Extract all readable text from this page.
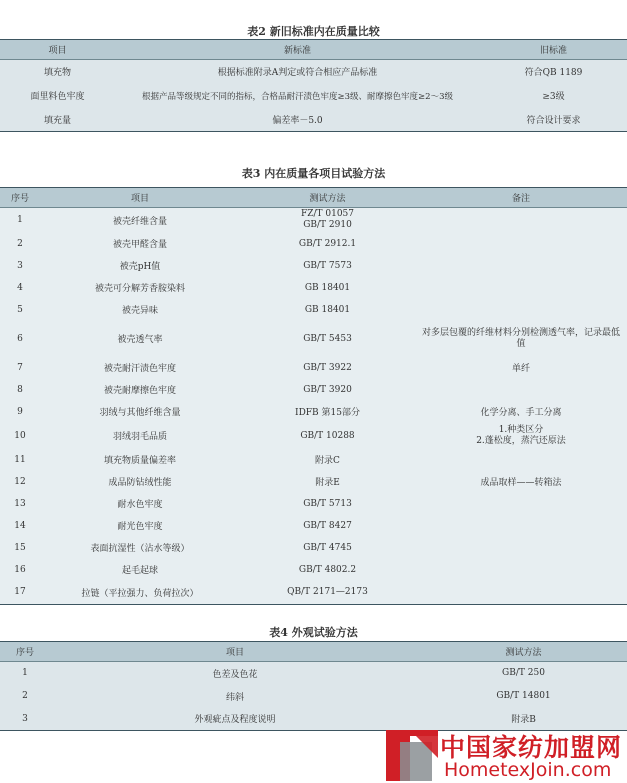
表2 新旧标准内在质量比较
项目	新标准	旧标准
填充物	根据标准附录A判定或符合相应产品标准	符合QB 1189
面里料色牢度	根据产品等级规定不同的指标，合格品耐汗渍色牢度≥3级、耐摩擦色牢度≥2～3级	≥3级
填充量	偏差率－5.0	符合设计要求
表3 内在质量各项目试验方法
序号	项目	测试方法	备注
1	被壳纤维含量	FZ/T 01057
GB/T 2910	
2	被壳甲醛含量	GB/T 2912.1	
3	被壳pH值	GB/T 7573	
4	被壳可分解芳香胺染料	GB 18401	
5	被壳异味	GB 18401	
6	被壳透气率	GB/T 5453	对多层包覆的纤维材料分别检测透气率，记录最低值
7	被壳耐汗渍色牢度	GB/T 3922	单纤
8	被壳耐摩擦色牢度	GB/T 3920	
9	羽绒与其他纤维含量	IDFB 第15部分	化学分离、手工分离
10	羽绒羽毛品质	GB/T 10288	1.种类区分
2.蓬松度，蒸汽还原法
11	填充物质量偏差率	附录C	
12	成品防钻绒性能	附录E	成品取样——转箱法
13	耐水色牢度	GB/T 5713	
14	耐光色牢度	GB/T 8427	
15	表面抗湿性（沾水等级）	GB/T 4745	
16	起毛起球	GB/T 4802.2	
17	拉链（平拉强力、负荷拉次）	QB/T 2171—2173	
表4 外观试验方法
序号	项目	测试方法
1	色差及色花	GB/T 250
2	纬斜	GB/T 14801
3	外观疵点及程度说明	附录B
中国家纺加盟网
HometexJoin.com
